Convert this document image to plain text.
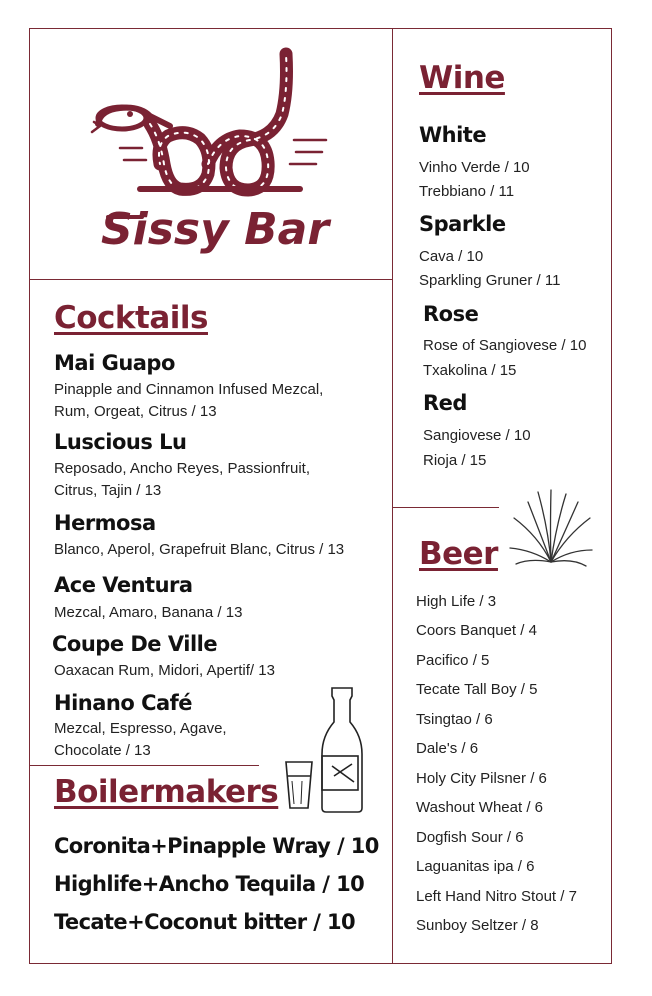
Sissy Bar
Cocktails
Mai Guapo
Pinapple and Cinnamon Infused Mezcal,
Rum, Orgeat, Citrus / 13
Luscious Lu
Reposado, Ancho Reyes, Passionfruit,
Citrus, Tajin / 13
Hermosa
Blanco, Aperol, Grapefruit Blanc, Citrus / 13
Ace Ventura
Mezcal, Amaro, Banana / 13
Coupe De Ville
Oaxacan Rum, Midori, Apertif/ 13
Hinano Café
Mezcal, Espresso, Agave,
Chocolate / 13
Boilermakers
Coronita+Pinapple Wray / 10
Highlife+Ancho Tequila / 10
Tecate+Coconut bitter / 10
Wine
White
Vinho Verde / 10
Trebbiano / 11
Sparkle
Cava / 10
Sparkling Gruner / 11
Rose
Rose of Sangiovese / 10
Txakolina / 15
Red
Sangiovese / 10
Rioja / 15
Beer
High Life / 3
Coors Banquet / 4
Pacifico / 5
Tecate Tall Boy / 5
Tsingtao / 6
Dale's / 6
Holy City Pilsner / 6
Washout Wheat / 6
Dogfish Sour / 6
Laguanitas ipa / 6
Left Hand Nitro Stout / 7
Sunboy Seltzer / 8
